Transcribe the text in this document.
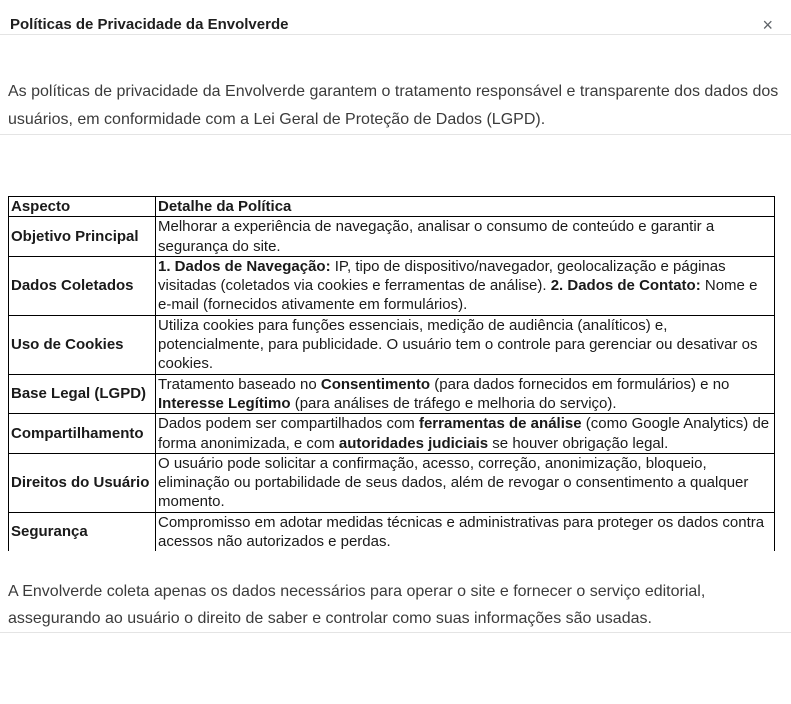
Políticas de Privacidade da Envolverde	×

As políticas de privacidade da Envolverde garantem o tratamento responsável e transparente dos dados dos usuários, em conformidade com a Lei Geral de Proteção de Dados (LGPD).

Aspecto	Detalhe da Política
Objetivo Principal	Melhorar a experiência de navegação, analisar o consumo de conteúdo e garantir a segurança do site.
Dados Coletados	1. Dados de Navegação: IP, tipo de dispositivo/navegador, geolocalização e páginas visitadas (coletados via cookies e ferramentas de análise). 2. Dados de Contato: Nome e e-mail (fornecidos ativamente em formulários).
Uso de Cookies	Utiliza cookies para funções essenciais, medição de audiência (analíticos) e, potencialmente, para publicidade. O usuário tem o controle para gerenciar ou desativar os cookies.
Base Legal (LGPD)	Tratamento baseado no Consentimento (para dados fornecidos em formulários) e no Interesse Legítimo (para análises de tráfego e melhoria do serviço).
Compartilhamento	Dados podem ser compartilhados com ferramentas de análise (como Google Analytics) de forma anonimizada, e com autoridades judiciais se houver obrigação legal.
Direitos do Usuário	O usuário pode solicitar a confirmação, acesso, correção, anonimização, bloqueio, eliminação ou portabilidade de seus dados, além de revogar o consentimento a qualquer momento.
Segurança	Compromisso em adotar medidas técnicas e administrativas para proteger os dados contra acessos não autorizados e perdas.

A Envolverde coleta apenas os dados necessários para operar o site e fornecer o serviço editorial, assegurando ao usuário o direito de saber e controlar como suas informações são usadas.
